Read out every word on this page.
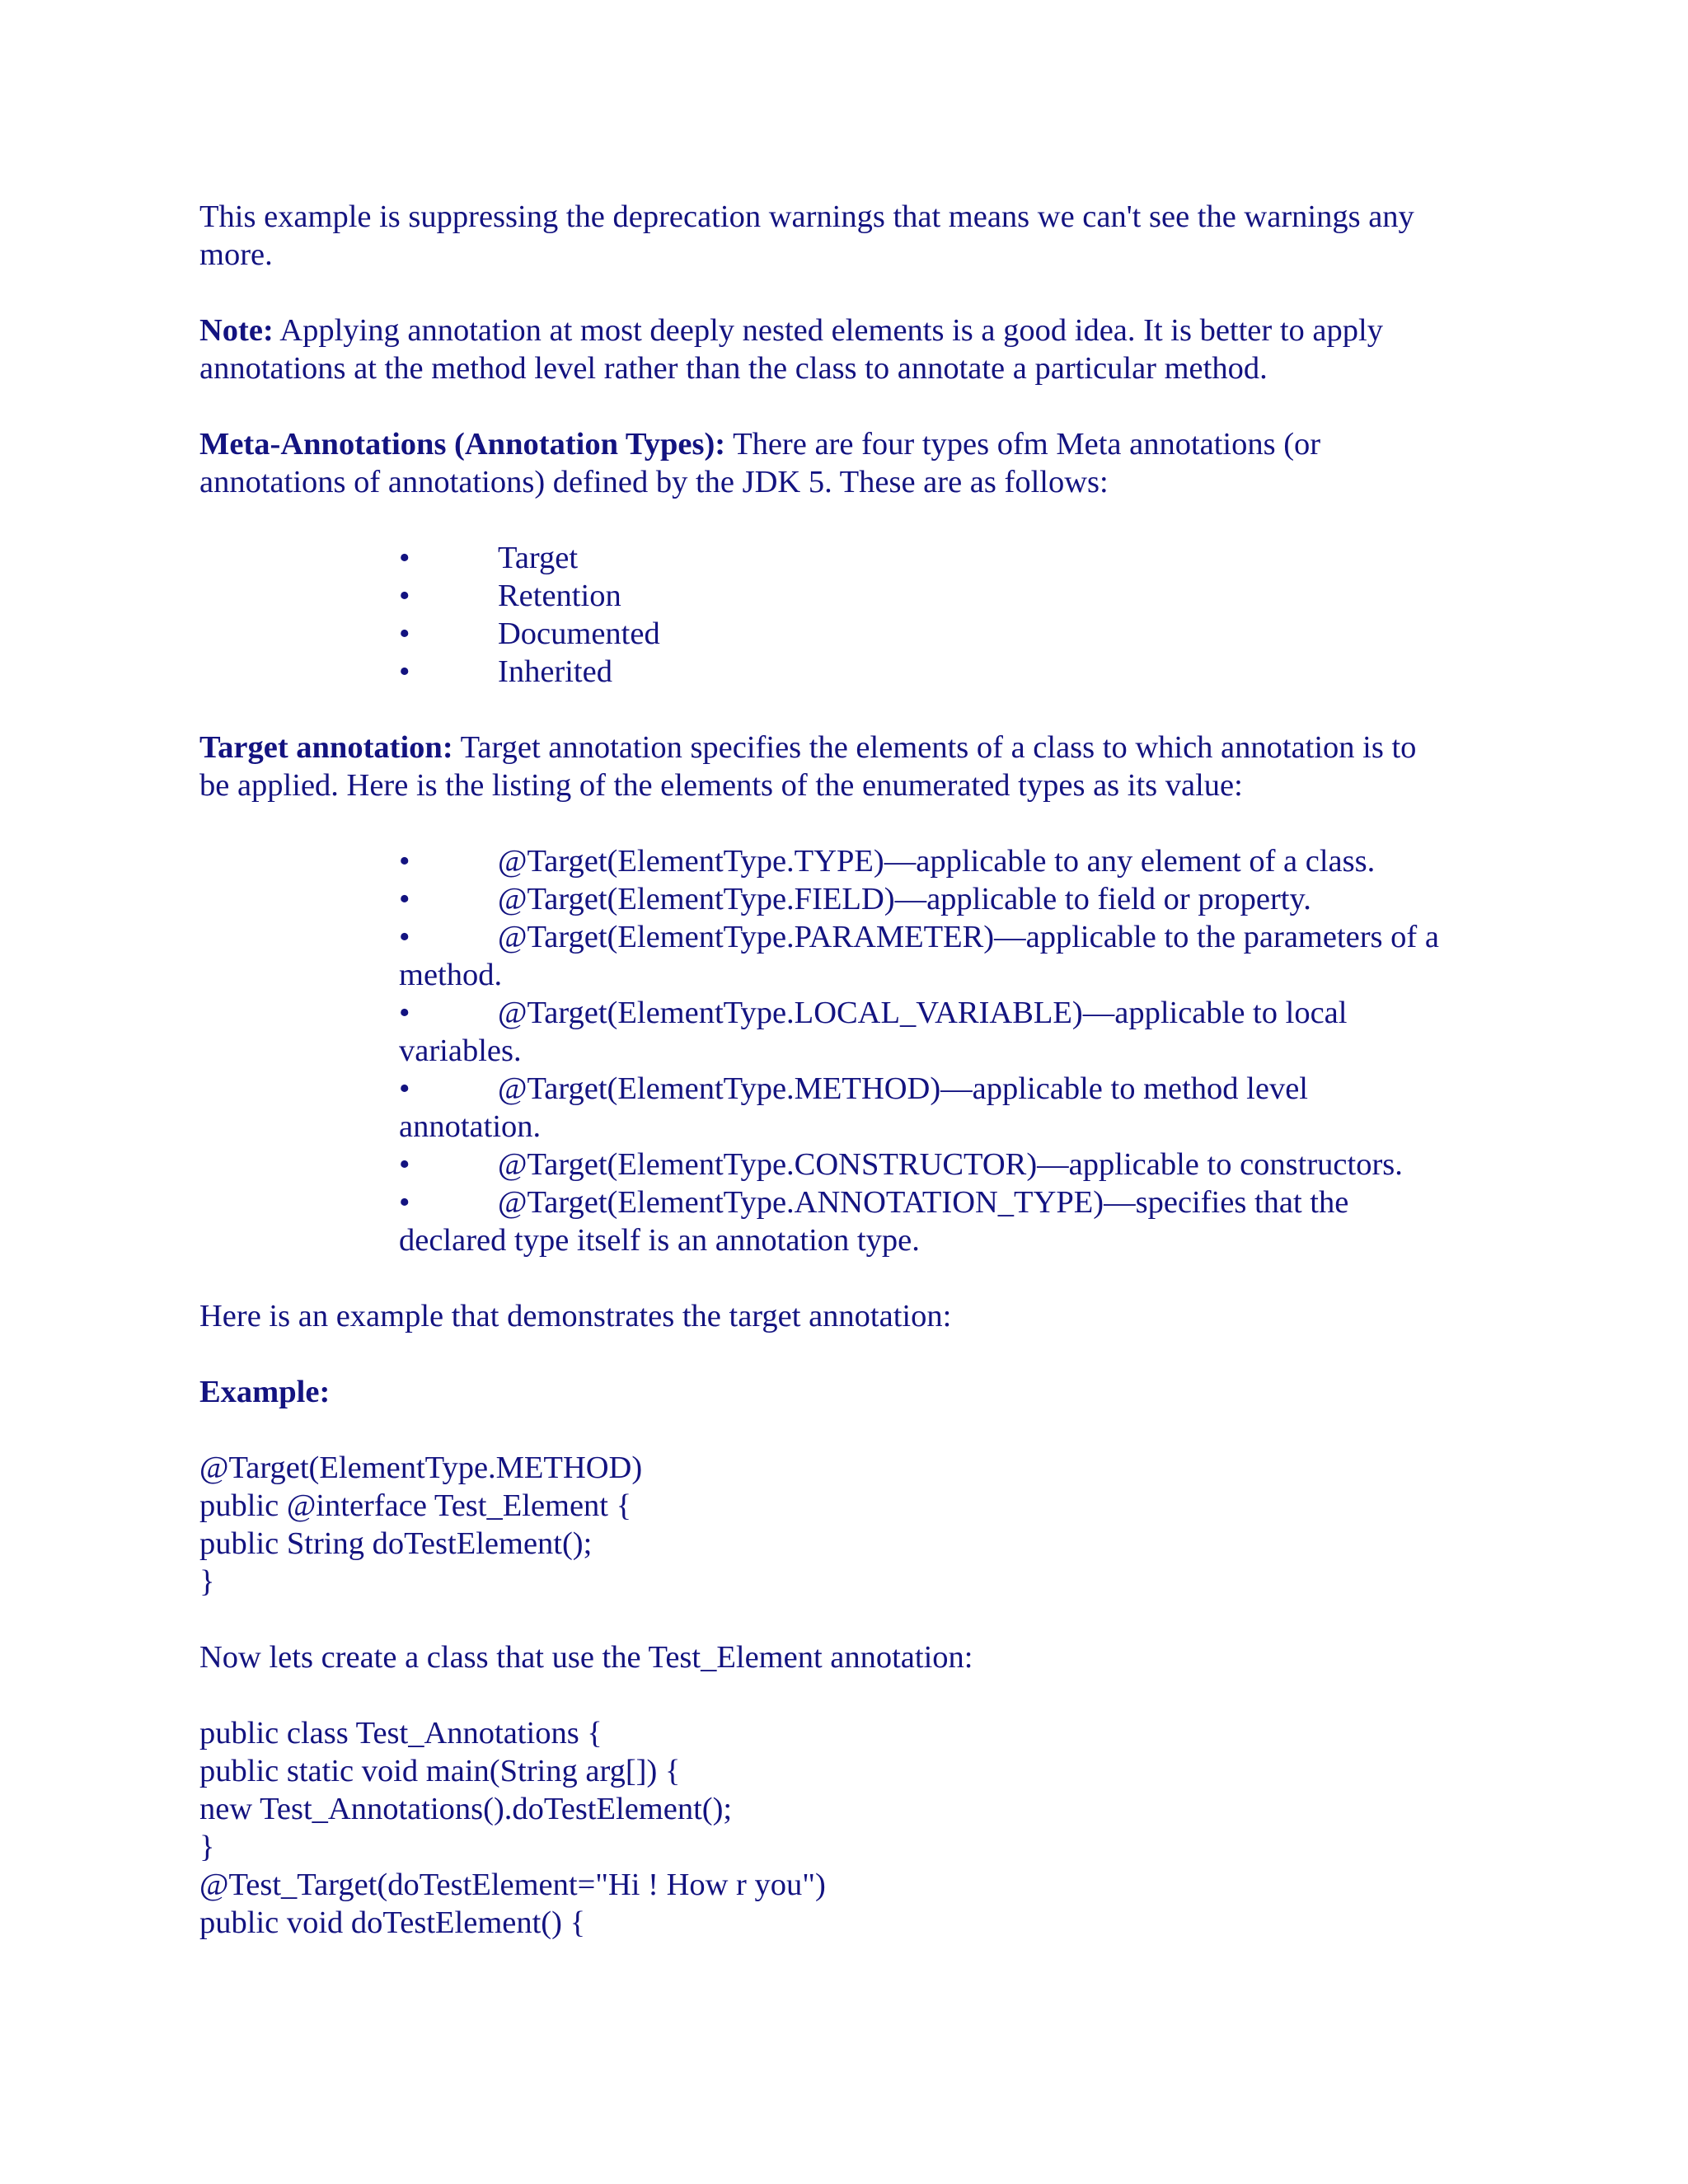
This example is suppressing the deprecation warnings that means we can't see the warnings any

more.

Note: Applying annotation at most deeply nested elements is a good idea. It is better to apply

annotations at the method level rather than the class to annotate a particular method.

Meta-Annotations (Annotation Types): There are four types ofm Meta annotations (or

annotations of annotations) defined by the JDK 5. These are as follows:

•	Target
•	Retention
•	Documented
•	Inherited

Target annotation: Target annotation specifies the elements of a class to which annotation is to

be applied. Here is the listing of the elements of the enumerated types as its value:

•	@Target(ElementType.TYPE)—applicable to any element of a class.
•	@Target(ElementType.FIELD)—applicable to field or property.
•	@Target(ElementType.PARAMETER)—applicable to the parameters of a
method.
•	@Target(ElementType.LOCAL_VARIABLE)—applicable to local
variables.
•	@Target(ElementType.METHOD)—applicable to method level
annotation.
•	@Target(ElementType.CONSTRUCTOR)—applicable to constructors.
•	@Target(ElementType.ANNOTATION_TYPE)—specifies that the
declared type itself is an annotation type.

Here is an example that demonstrates the target annotation:

Example:

@Target(ElementType.METHOD)

public @interface Test_Element {

public String doTestElement();

}

Now lets create a class that use the Test_Element annotation:

public class Test_Annotations {

public static void main(String arg[]) {

new Test_Annotations().doTestElement();

}

@Test_Target(doTestElement="Hi ! How r you")

public void doTestElement() {
